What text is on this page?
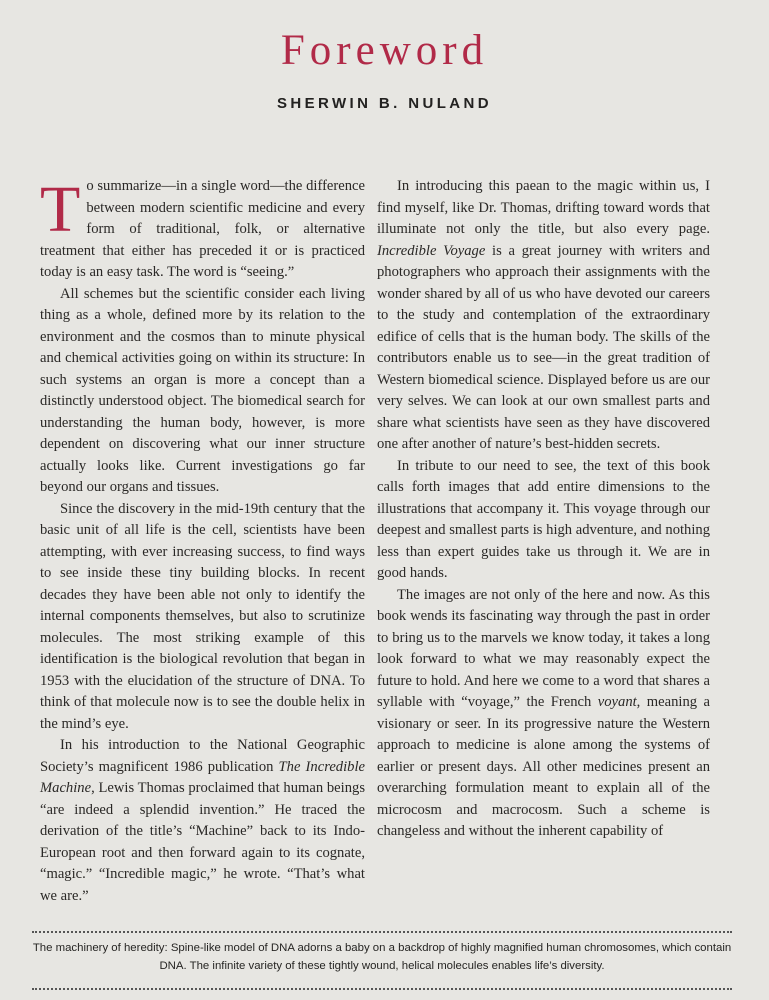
Foreword
SHERWIN B. NULAND

To summarize—in a single word—the difference between modern scientific medicine and every form of traditional, folk, or alternative treatment that either has preceded it or is practiced today is an easy task. The word is “seeing.”

All schemes but the scientific consider each living thing as a whole, defined more by its relation to the environment and the cosmos than to minute physical and chemical activities going on within its structure: In such systems an organ is more a concept than a distinctly understood object. The biomedical search for understanding the human body, however, is more dependent on discovering what our inner structure actually looks like. Current investigations go far beyond our organs and tissues.

Since the discovery in the mid-19th century that the basic unit of all life is the cell, scientists have been attempting, with ever increasing success, to find ways to see inside these tiny building blocks. In recent decades they have been able not only to identify the internal components themselves, but also to scrutinize molecules. The most striking example of this identification is the biological revolution that began in 1953 with the elucidation of the structure of DNA. To think of that molecule now is to see the double helix in the mind’s eye.

In his introduction to the National Geographic Society’s magnificent 1986 publication The Incredible Machine, Lewis Thomas proclaimed that human beings “are indeed a splendid invention.” He traced the derivation of the title’s “Machine” back to its Indo-European root and then forward again to its cognate, “magic.” “Incredible magic,” he wrote. “That’s what we are.”

In introducing this paean to the magic within us, I find myself, like Dr. Thomas, drifting toward words that illuminate not only the title, but also every page. Incredible Voyage is a great journey with writers and photographers who approach their assignments with the wonder shared by all of us who have devoted our careers to the study and contemplation of the extraordinary edifice of cells that is the human body. The skills of the contributors enable us to see—in the great tradition of Western biomedical science. Displayed before us are our very selves. We can look at our own smallest parts and share what scientists have seen as they have discovered one after another of nature’s best-hidden secrets.

In tribute to our need to see, the text of this book calls forth images that add entire dimensions to the illustrations that accompany it. This voyage through our deepest and smallest parts is high adventure, and nothing less than expert guides take us through it. We are in good hands.

The images are not only of the here and now. As this book wends its fascinating way through the past in order to bring us to the marvels we know today, it takes a long look forward to what we may reasonably expect the future to hold. And here we come to a word that shares a syllable with “voyage,” the French voyant, meaning a visionary or seer. In its progressive nature the Western approach to medicine is alone among the systems of earlier or present days. All other medicines present an overarching formulation meant to explain all of the microcosm and macrocosm. Such a scheme is changeless and without the inherent capability of

The machinery of heredity: Spine-like model of DNA adorns a baby on a backdrop of highly magnified human chromosomes, which contain DNA. The infinite variety of these tightly wound, helical molecules enables life’s diversity.
